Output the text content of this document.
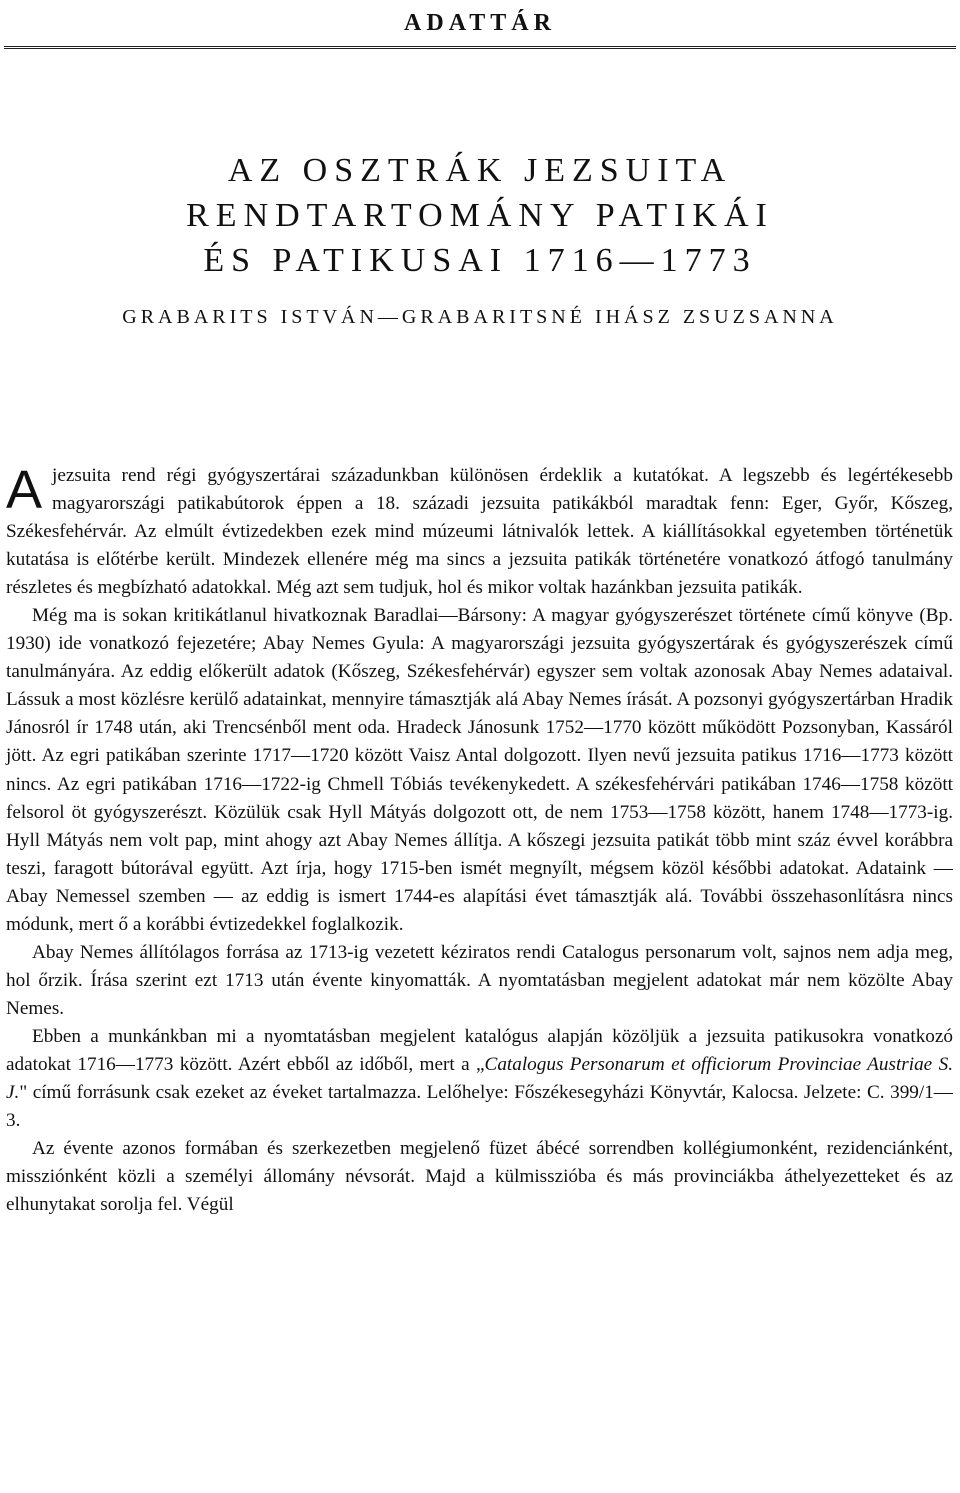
ADATTÁR
AZ OSZTRÁK JEZSUITA
RENDTARTOMÁNY PATIKÁI
ÉS PATIKUSAI 1716—1773
GRABARITS ISTVÁN—GRABARITSNÉ IHÁSZ ZSUZSANNA

A jezsuita rend régi gyógyszertárai századunkban különösen érdeklik a kutatókat. A legszebb és legértékesebb magyarországi patikabútorok éppen a 18. századi jezsuita patikákból maradtak fenn: Eger, Győr, Kőszeg, Székesfehérvár. Az elmúlt évtizedekben ezek mind múzeumi látnivalók lettek. A kiállításokkal egyetemben történetük kutatása is előtérbe került. Mindezek ellenére még ma sincs a jezsuita patikák történetére vonatkozó átfogó tanulmány részletes és megbízható adatokkal. Még azt sem tudjuk, hol és mikor voltak hazánkban jezsuita patikák.

Még ma is sokan kritikátlanul hivatkoznak Baradlai—Bársony: A magyar gyógyszerészet története című könyve (Bp. 1930) ide vonatkozó fejezetére; Abay Nemes Gyula: A magyarországi jezsuita gyógyszertárak és gyógyszerészek című tanulmányára. Az eddig előkerült adatok (Kőszeg, Székesfehérvár) egyszer sem voltak azonosak Abay Nemes adataival. Lássuk a most közlésre kerülő adatainkat, mennyire támasztják alá Abay Nemes írását. A pozsonyi gyógyszertárban Hradik Jánosról ír 1748 után, aki Trencsénből ment oda. Hradeck Jánosunk 1752—1770 között működött Pozsonyban, Kassáról jött. Az egri patikában szerinte 1717—1720 között Vaisz Antal dolgozott. Ilyen nevű jezsuita patikus 1716—1773 között nincs. Az egri patikában 1716—1722-ig Chmell Tóbiás tevékenykedett. A székesfehérvári patikában 1746—1758 között felsorol öt gyógyszerészt. Közülük csak Hyll Mátyás dolgozott ott, de nem 1753—1758 között, hanem 1748—1773-ig. Hyll Mátyás nem volt pap, mint ahogy azt Abay Nemes állítja. A kőszegi jezsuita patikát több mint száz évvel korábbra teszi, faragott bútorával együtt. Azt írja, hogy 1715-ben ismét megnyílt, mégsem közöl későbbi adatokat. Adataink — Abay Nemessel szemben — az eddig is ismert 1744-es alapítási évet támasztják alá. További összehasonlításra nincs módunk, mert ő a korábbi évtizedekkel foglalkozik.

Abay Nemes állítólagos forrása az 1713-ig vezetett kéziratos rendi Catalogus personarum volt, sajnos nem adja meg, hol őrzik. Írása szerint ezt 1713 után évente kinyomatták. A nyomtatásban megjelent adatokat már nem közölte Abay Nemes.

Ebben a munkánkban mi a nyomtatásban megjelent katalógus alapján közöljük a jezsuita patikusokra vonatkozó adatokat 1716—1773 között. Azért ebből az időből, mert a „Catalogus Personarum et officiorum Provinciae Austriae S. J." című forrásunk csak ezeket az éveket tartalmazza. Lelőhelye: Főszékesegyházi Könyvtár, Kalocsa. Jelzete: C. 399/1—3.

Az évente azonos formában és szerkezetben megjelenő füzet ábécé sorrendben kollégiumonként, rezidenciánként, missziónként közli a személyi állomány névsorát. Majd a külmisszióba és más provinciákba áthelyezetteket és az elhunytakat sorolja fel. Végül
